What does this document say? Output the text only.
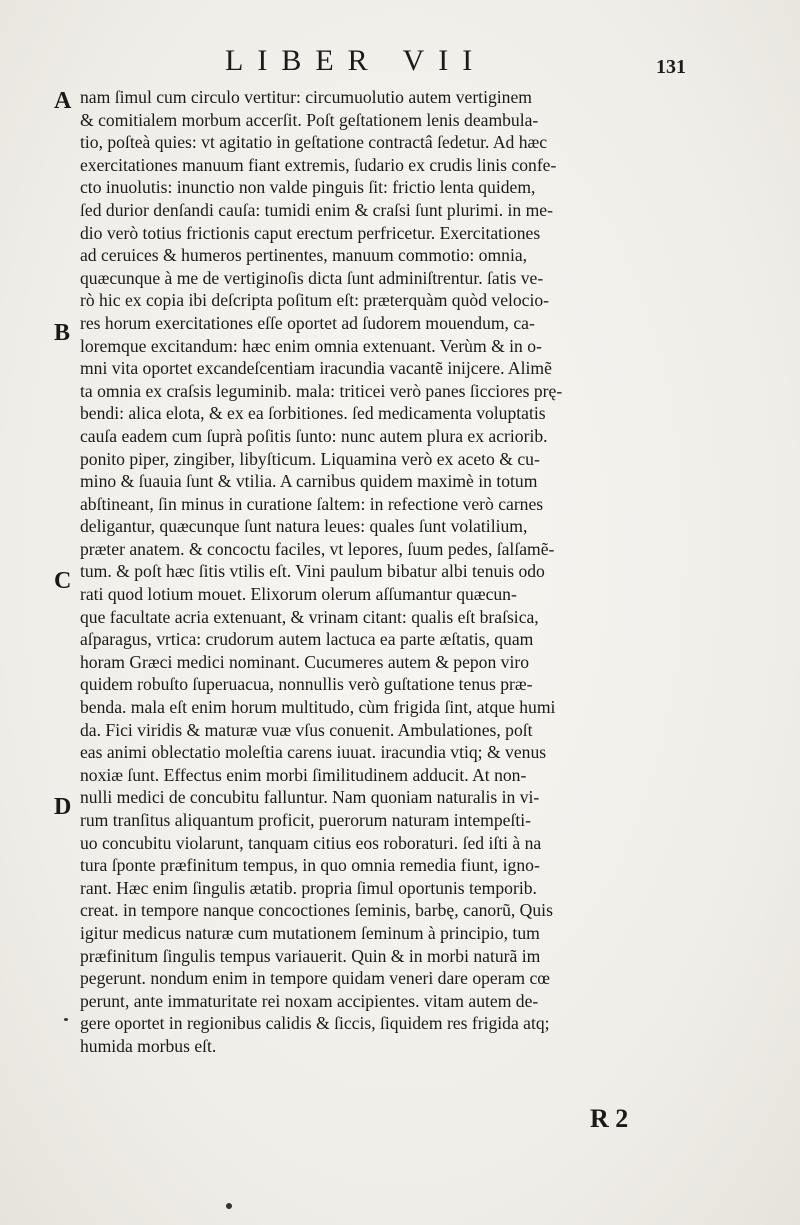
LIBER VII	131
A
B
C
D
nam ſimul cum circulo vertitur: circumuolutio autem vertiginem
& comitialem morbum accerſit. Poſt geſtationem lenis deambula-
tio, poſteà quies: vt agitatio in geſtatione contractâ ſedetur. Ad hæc
exercitationes manuum fiant extremis, ſudario ex crudis linis confe-
cto inuolutis: inunctio non valde pinguis ſit: frictio lenta quidem,
ſed durior denſandi cauſa: tumidi enim & craſsi ſunt plurimi. in me-
dio verò totius frictionis caput erectum perfricetur. Exercitationes
ad ceruices & humeros pertinentes, manuum commotio: omnia,
quæcunque à me de vertiginoſis dicta ſunt adminiſtrentur. ſatis ve-
rò hic ex copia ibi deſcripta poſitum eſt: præterquàm quòd velocio-
res horum exercitationes eſſe oportet ad ſudorem mouendum, ca-
loremque excitandum: hæc enim omnia extenuant. Verùm & in o-
mni vita oportet excandeſcentiam iracundia vacantẽ inijcere. Alimẽ
ta omnia ex craſsis leguminib. mala: triticei verò panes ſicciores prę-
bendi: alica elota, & ex ea ſorbitiones. ſed medicamenta voluptatis
cauſa eadem cum ſuprà poſitis ſunto: nunc autem plura ex acriorib.
ponito piper, zingiber, libyſticum. Liquamina verò ex aceto & cu-
mino & ſuauia ſunt & vtilia. A carnibus quidem maximè in totum
abſtineant, ſin minus in curatione ſaltem: in refectione verò carnes
deligantur, quæcunque ſunt natura leues: quales ſunt volatilium,
præter anatem. & concoctu faciles, vt lepores, ſuum pedes, ſalſamẽ-
tum. & poſt hæc ſitis vtilis eſt. Vini paulum bibatur albi tenuis odo
rati quod lotium mouet. Elixorum olerum aſſumantur quæcun-
que facultate acria extenuant, & vrinam citant: qualis eſt braſsica,
aſparagus, vrtica: crudorum autem lactuca ea parte æſtatis, quam
horam Græci medici nominant. Cucumeres autem & pepon viro
quidem robuſto ſuperuacua, nonnullis verò guſtatione tenus præ-
benda. mala eſt enim horum multitudo, cùm frigida ſint, atque humi
da. Fici viridis & maturæ vuæ vſus conuenit. Ambulationes, poſt
eas animi oblectatio moleſtia carens iuuat. iracundia vtiq; & venus
noxiæ ſunt. Effectus enim morbi ſimilitudinem adducit. At non-
nulli medici de concubitu falluntur. Nam quoniam naturalis in vi-
rum tranſitus aliquantum proficit, puerorum naturam intempeſti-
uo concubitu violarunt, tanquam citius eos roboraturi. ſed iſti à na
tura ſponte præfinitum tempus, in quo omnia remedia fiunt, igno-
rant. Hæc enim ſingulis ætatib. propria ſimul oportunis temporib.
creat. in tempore nanque concoctiones ſeminis, barbę, canorũ, Quis
igitur medicus naturæ cum mutationem ſeminum à principio, tum
præfinitum ſingulis tempus variauerit. Quin & in morbi naturã im
pegerunt. nondum enim in tempore quidam veneri dare operam cœ
perunt, ante immaturitate rei noxam accipientes. vitam autem de-
gere oportet in regionibus calidis & ſiccis, ſiquidem res frigida atq;
humida morbus eſt.
R 2
